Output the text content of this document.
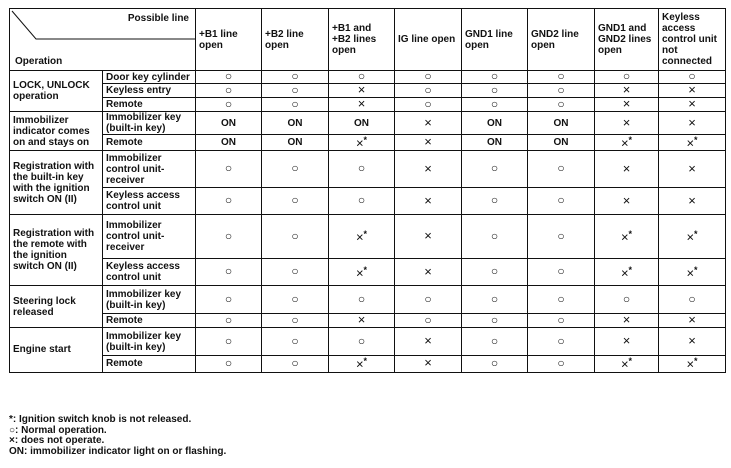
Possible line
Operation		+B1 line open	+B2 line open	+B1 and +B2 lines open	IG line open	GND1 line open	GND2 line open	GND1 and GND2 lines open	Keyless access control unit not connected
LOCK, UNLOCK operation	Door key cylinder	○	○	○	○	○	○	○	○
	Keyless entry	○	○	×	○	○	○	×	×
	Remote	○	○	×	○	○	○	×	×
Immobilizer indicator comes on and stays on	Immobilizer key (built-in key)	ON	ON	ON	×	ON	ON	×	×
	Remote	ON	ON	×*	×	ON	ON	×*	×*
Registration with the built-in key with the ignition switch ON (II)	Immobilizer control unit-receiver	○	○	○	×	○	○	×	×
	Keyless access control unit	○	○	○	×	○	○	×	×
Registration with the remote with the ignition switch ON (II)	Immobilizer control unit-receiver	○	○	×*	×	○	○	×*	×*
	Keyless access control unit	○	○	×*	×	○	○	×*	×*
Steering lock released	Immobilizer key (built-in key)	○	○	○	○	○	○	○	○
	Remote	○	○	×	○	○	○	×	×
Engine start	Immobilizer key (built-in key)	○	○	○	×	○	○	×	×
	Remote	○	○	×*	×	○	○	×*	×*
*: Ignition switch knob is not released.
○: Normal operation.
×: does not operate.
ON: immobilizer indicator light on or flashing.
